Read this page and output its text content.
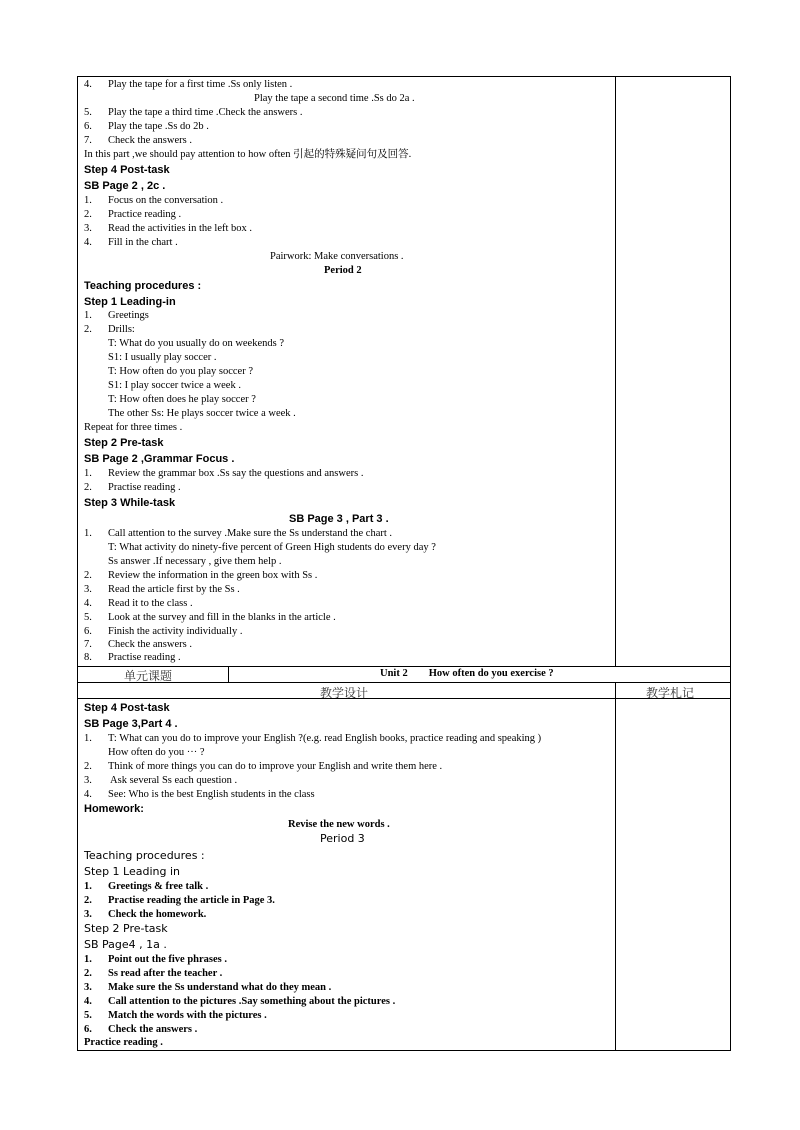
4. Play the tape for a first time .Ss only listen .
Play the tape a second time .Ss do 2a .
5. Play the tape a third time .Check the answers .
6. Play the tape .Ss do 2b .
7. Check the answers .
In this part ,we should pay attention to how often 引起的特殊疑问句及回答.
Step 4 Post-task
SB Page 2 , 2c .
1. Focus on the conversation .
2. Practice reading .
3. Read the activities in the left box .
4. Fill in the chart .
Pairwork: Make conversations .
Period 2
Teaching procedures :
Step 1 Leading-in
1. Greetings
2. Drills:
T: What do you usually do on weekends ?
S1: I usually play soccer .
T: How often do you play soccer ?
S1: I play soccer twice a week .
T: How often does he play soccer ?
The other Ss: He plays soccer twice a week .
Repeat for three times .
Step 2 Pre-task
SB Page 2 ,Grammar Focus .
1. Review the grammar box .Ss say the questions and answers .
2. Practise reading .
Step 3 While-task
SB Page 3 , Part 3 .
1. Call attention to the survey .Make sure the Ss understand the chart .
T: What activity do ninety-five percent of Green High students do every day ?
Ss answer .If necessary , give them help .
2. Review the information in the green box with Ss .
3. Read the article first by the Ss .
4. Read it to the class .
5. Look at the survey and fill in the blanks in the article .
6. Finish the activity individually .
7. Check the answers .
8. Practise reading .
单元课题	Unit 2        How often do you exercise ?
教学设计	教学札记
Step 4 Post-task
SB Page 3,Part 4 .
1. T: What can you do to improve your English ?(e.g. read English books, practice reading and speaking )
How often do you ··· ?
2. Think of more things you can do to improve your English and write them here .
3. Ask several Ss each question .
4. See: Who is the best English students in the class
Homework:
Revise the new words .
Period 3
Teaching procedures :
Step 1 Leading in
1. Greetings & free talk .
2. Practise reading the article in Page 3.
3. Check the homework.
Step 2 Pre-task
SB Page4 , 1a .
1. Point out the five phrases .
2. Ss read after the teacher .
3. Make sure the Ss understand what do they mean .
4. Call attention to the pictures .Say something about the pictures .
5. Match the words with the pictures .
6. Check the answers .
Practice reading .
